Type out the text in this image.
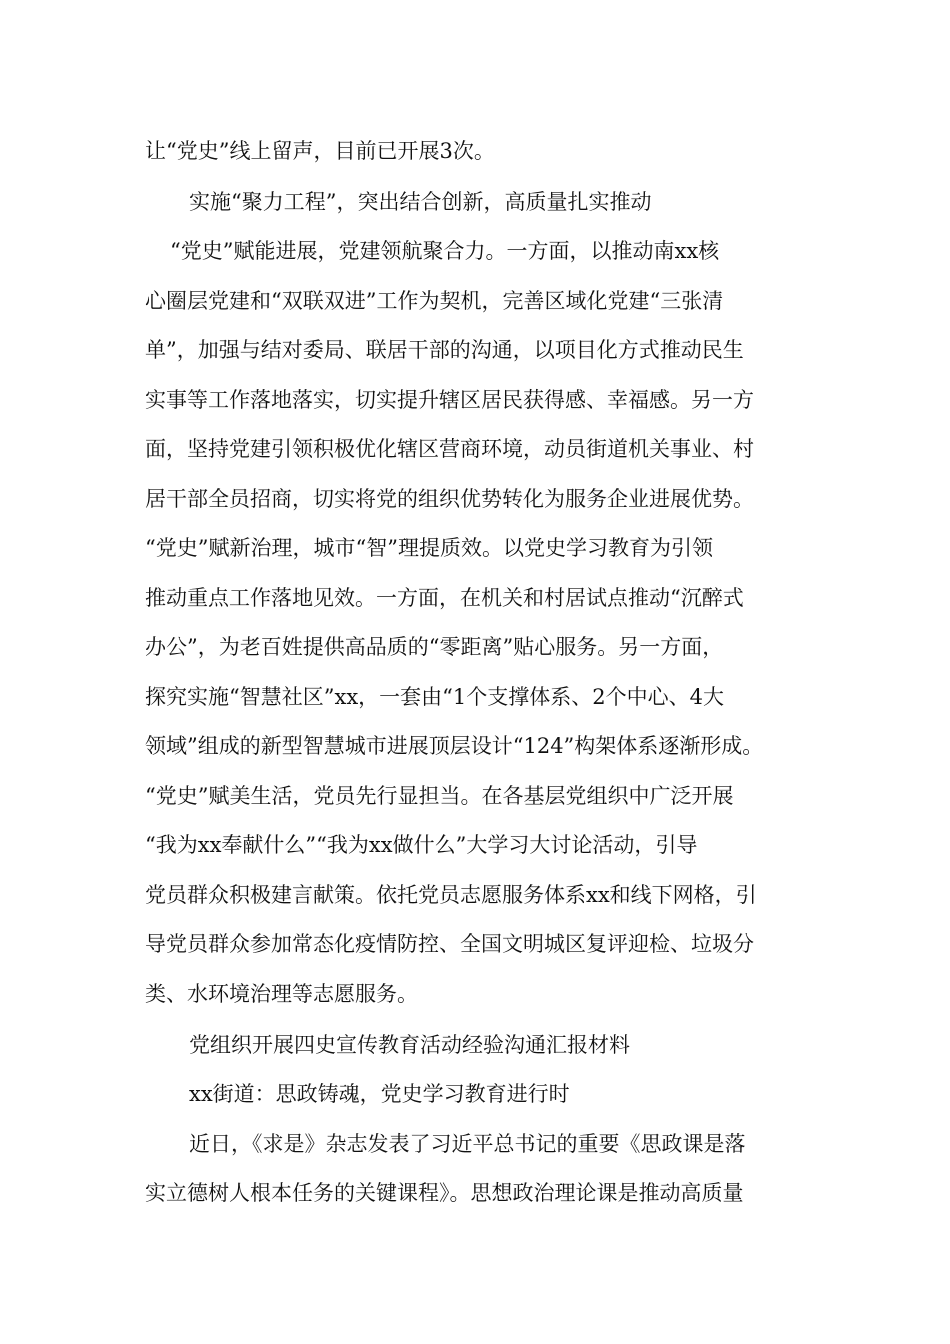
让“党史”线上留声，目前已开展3次。
实施“聚力工程”，突出结合创新，高质量扎实推动
“党史”赋能进展，党建领航聚合力。一方面，以推动南xx核
心圈层党建和“双联双进”工作为契机，完善区域化党建“三张清
单”，加强与结对委局、联居干部的沟通，以项目化方式推动民生
实事等工作落地落实，切实提升辖区居民获得感、幸福感。另一方
面，坚持党建引领积极优化辖区营商环境，动员街道机关事业、村
居干部全员招商，切实将党的组织优势转化为服务企业进展优势。
“党史”赋新治理，城市“智”理提质效。以党史学习教育为引领
推动重点工作落地见效。一方面，在机关和村居试点推动“沉醉式
办公”，为老百姓提供高品质的“零距离”贴心服务。另一方面，
探究实施“智慧社区”xx，一套由“1个支撑体系、2个中心、4大
领域”组成的新型智慧城市进展顶层设计“124”构架体系逐渐形成。
“党史”赋美生活，党员先行显担当。在各基层党组织中广泛开展
“我为xx奉献什么”“我为xx做什么”大学习大讨论活动，引导
党员群众积极建言献策。依托党员志愿服务体系xx和线下网格，引
导党员群众参加常态化疫情防控、全国文明城区复评迎检、垃圾分
类、水环境治理等志愿服务。
党组织开展四史宣传教育活动经验沟通汇报材料
xx街道：思政铸魂，党史学习教育进行时
近日，《求是》杂志发表了习近平总书记的重要《思政课是落
实立德树人根本任务的关键课程》。思想政治理论课是推动高质量
